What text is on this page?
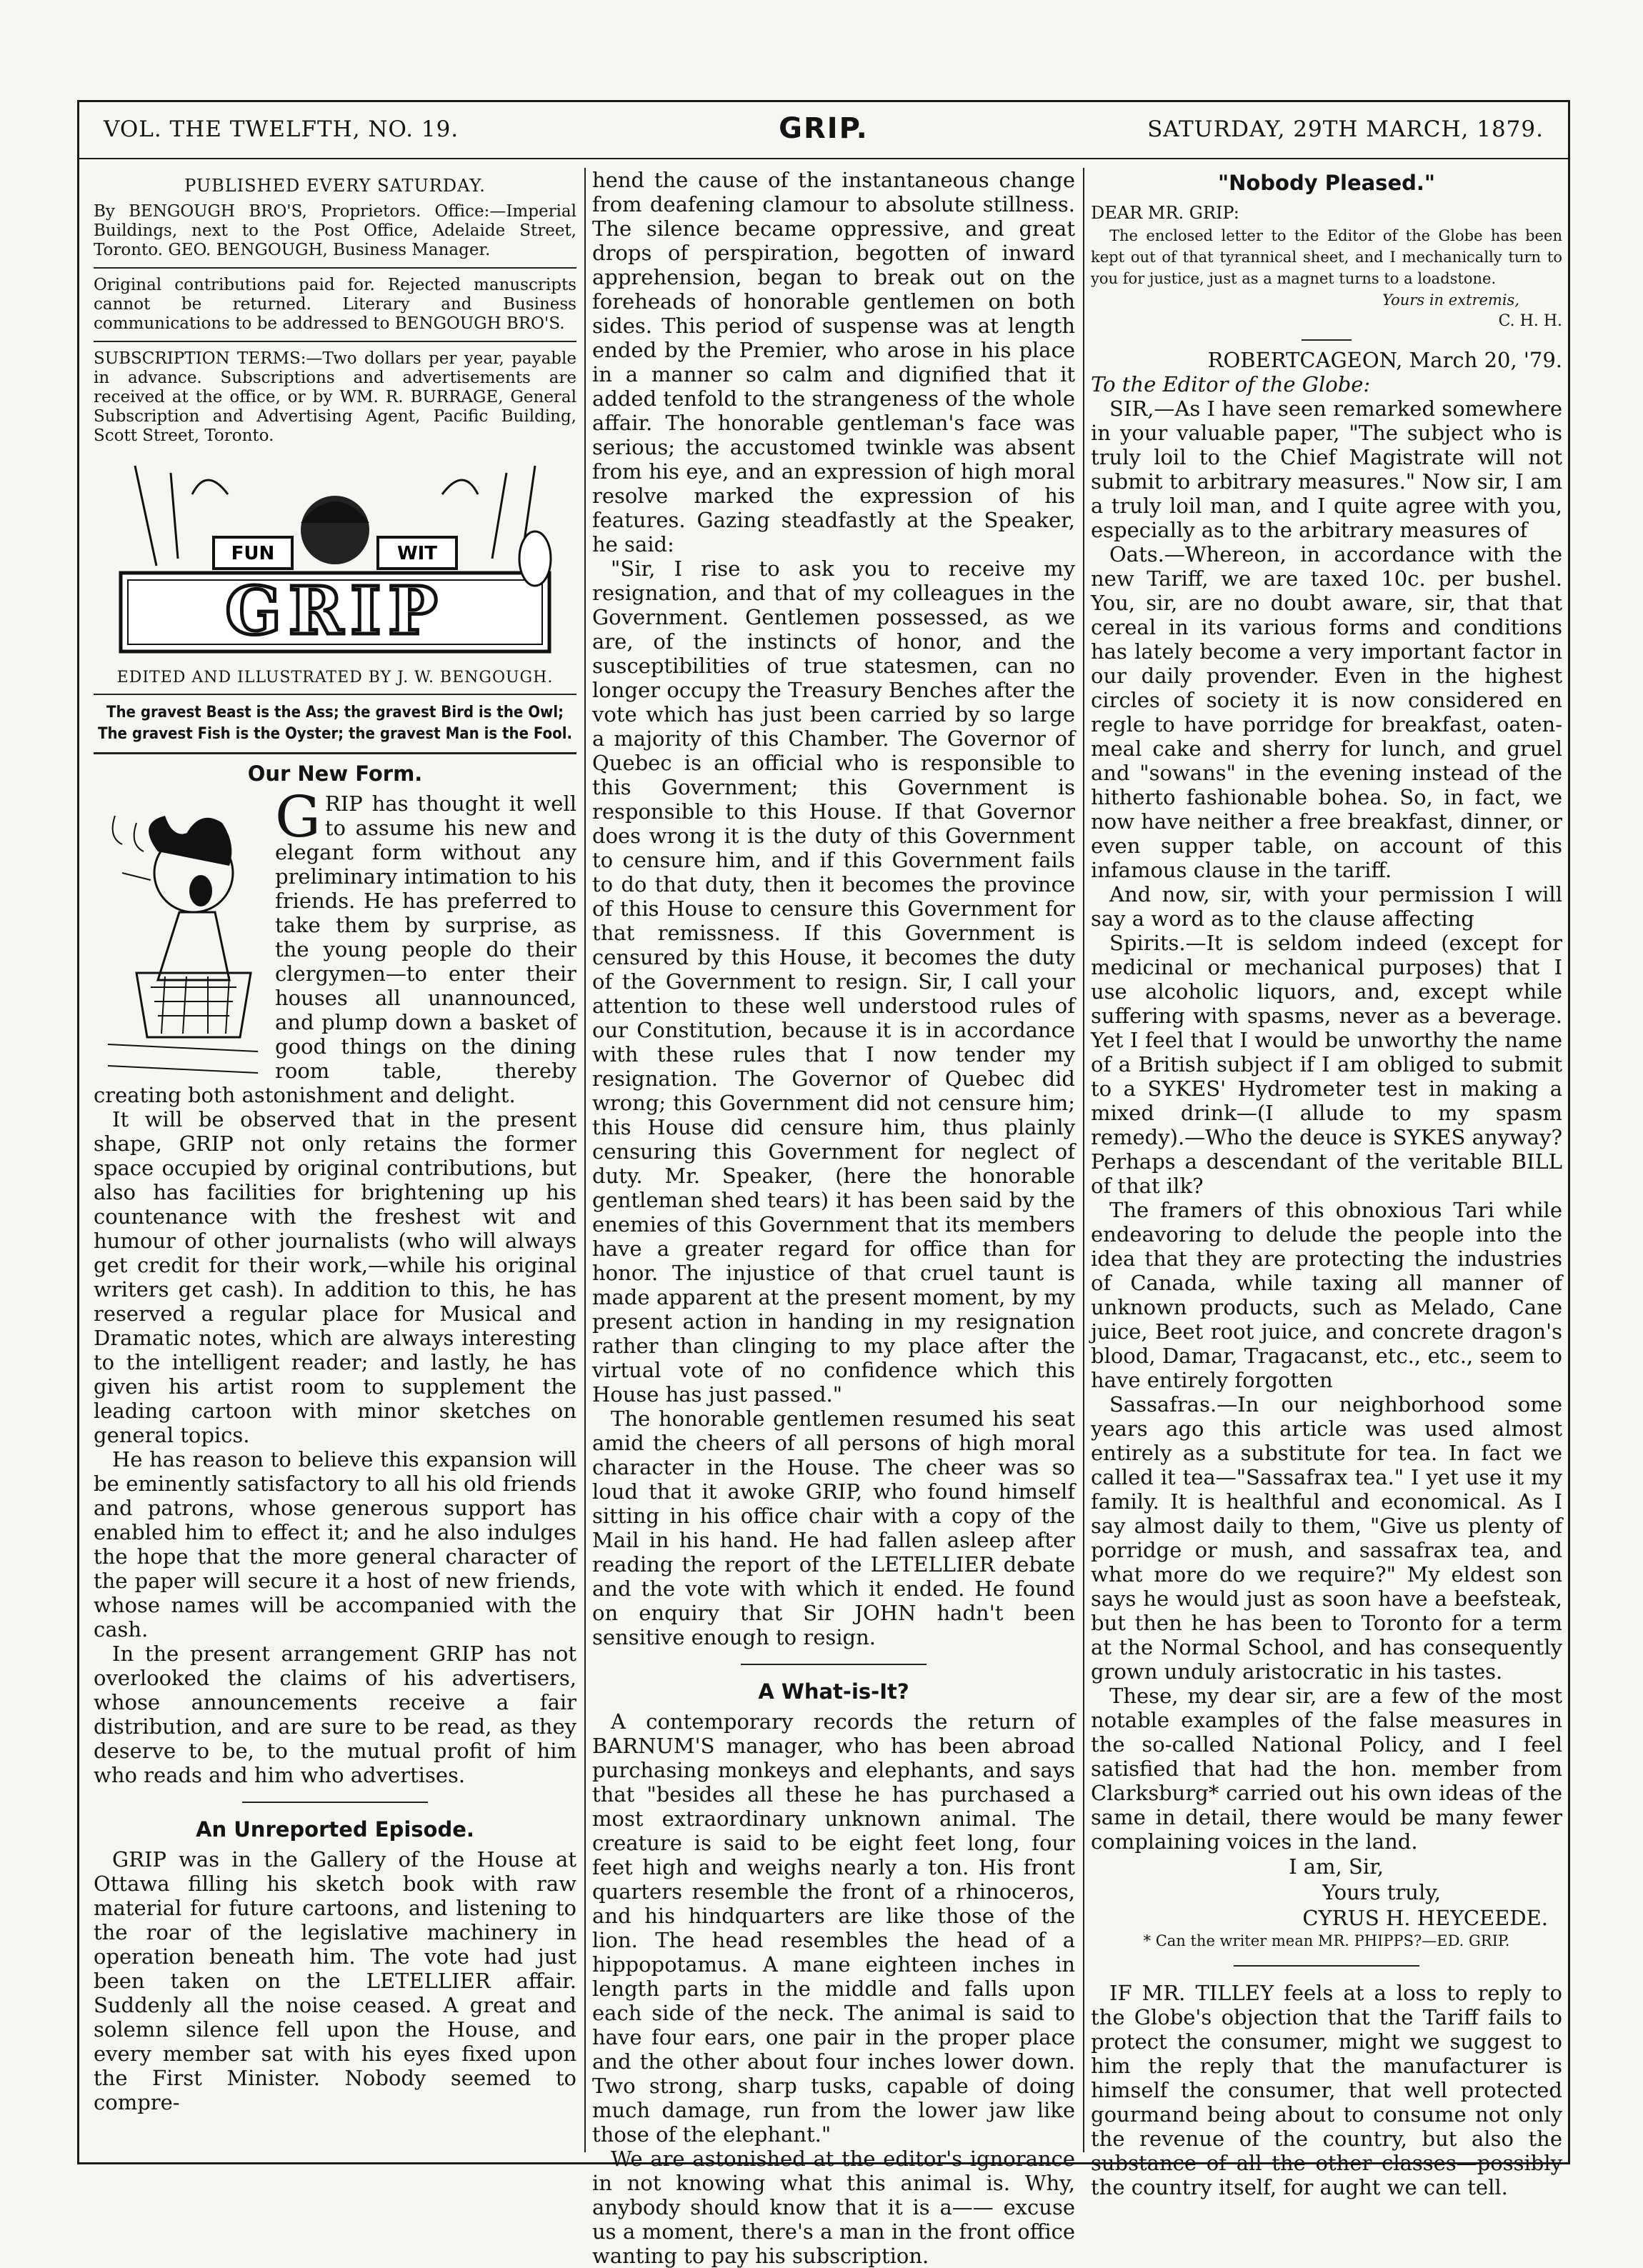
VOL. THE TWELFTH, NO. 19.	GRIP.	SATURDAY, 29TH MARCH, 1879.

PUBLISHED EVERY SATURDAY.

By BENGOUGH BRO'S, Proprietors. Office:—Imperial Buildings, next to the Post Office, Adelaide Street, Toronto. GEO. BENGOUGH, Business Manager.

Original contributions paid for. Rejected manuscripts cannot be returned. Literary and Business communications to be addressed to BENGOUGH BRO'S.

SUBSCRIPTION TERMS:—Two dollars per year, payable in advance. Subscriptions and advertisements are received at the office, or by WM. R. BURRAGE, General Subscription and Advertising Agent, Pacific Building, Scott Street, Toronto.

FUN	WIT
GRIP
EDITED AND ILLUSTRATED BY J. W. BENGOUGH.
The gravest Beast is the Ass; the gravest Bird is the Owl; The gravest Fish is the Oyster; the gravest Man is the Fool.
Our New Form.

GRIP has thought it well to assume his new and elegant form without any preliminary intimation to his friends. He has preferred to take them by surprise, as the young people do their clergymen—to enter their houses all unannounced, and plump down a basket of good things on the dining room table, thereby creating both astonishment and delight.

It will be observed that in the present shape, GRIP not only retains the former space occupied by original contributions, but also has facilities for brightening up his countenance with the freshest wit and humour of other journalists (who will always get credit for their work,—while his original writers get cash). In addition to this, he has reserved a regular place for Musical and Dramatic notes, which are always interesting to the intelligent reader; and lastly, he has given his artist room to supplement the leading cartoon with minor sketches on general topics.

He has reason to believe this expansion will be eminently satisfactory to all his old friends and patrons, whose generous support has enabled him to effect it; and he also indulges the hope that the more general character of the paper will secure it a host of new friends, whose names will be accompanied with the cash.

In the present arrangement GRIP has not overlooked the claims of his advertisers, whose announcements receive a fair distribution, and are sure to be read, as they deserve to be, to the mutual profit of him who reads and him who advertises.

An Unreported Episode.

GRIP was in the Gallery of the House at Ottawa filling his sketch book with raw material for future cartoons, and listening to the roar of the legislative machinery in operation beneath him. The vote had just been taken on the LETELLIER affair. Suddenly all the noise ceased. A great and solemn silence fell upon the House, and every member sat with his eyes fixed upon the First Minister. Nobody seemed to compre-

hend the cause of the instantaneous change from deafening clamour to absolute stillness. The silence became oppressive, and great drops of perspiration, begotten of inward apprehension, began to break out on the foreheads of honorable gentlemen on both sides. This period of suspense was at length ended by the Premier, who arose in his place in a manner so calm and dignified that it added tenfold to the strangeness of the whole affair. The honorable gentleman's face was serious; the accustomed twinkle was absent from his eye, and an expression of high moral resolve marked the expression of his features. Gazing steadfastly at the Speaker, he said:

"Sir, I rise to ask you to receive my resignation, and that of my colleagues in the Government. Gentlemen possessed, as we are, of the instincts of honor, and the susceptibilities of true statesmen, can no longer occupy the Treasury Benches after the vote which has just been carried by so large a majority of this Chamber. The Governor of Quebec is an official who is responsible to this Government; this Government is responsible to this House. If that Governor does wrong it is the duty of this Government to censure him, and if this Government fails to do that duty, then it becomes the province of this House to censure this Government for that remissness. If this Government is censured by this House, it becomes the duty of the Government to resign. Sir, I call your attention to these well understood rules of our Constitution, because it is in accordance with these rules that I now tender my resignation. The Governor of Quebec did wrong; this Government did not censure him; this House did censure him, thus plainly censuring this Government for neglect of duty. Mr. Speaker, (here the honorable gentleman shed tears) it has been said by the enemies of this Government that its members have a greater regard for office than for honor. The injustice of that cruel taunt is made apparent at the present moment, by my present action in handing in my resignation rather than clinging to my place after the virtual vote of no confidence which this House has just passed."

The honorable gentlemen resumed his seat amid the cheers of all persons of high moral character in the House. The cheer was so loud that it awoke GRIP, who found himself sitting in his office chair with a copy of the Mail in his hand. He had fallen asleep after reading the report of the LETELLIER debate and the vote with which it ended. He found on enquiry that Sir JOHN hadn't been sensitive enough to resign.

A What-is-It?

A contemporary records the return of BARNUM'S manager, who has been abroad purchasing monkeys and elephants, and says that "besides all these he has purchased a most extraordinary unknown animal. The creature is said to be eight feet long, four feet high and weighs nearly a ton. His front quarters resemble the front of a rhinoceros, and his hindquarters are like those of the lion. The head resembles the head of a hippopotamus. A mane eighteen inches in length parts in the middle and falls upon each side of the neck. The animal is said to have four ears, one pair in the proper place and the other about four inches lower down. Two strong, sharp tusks, capable of doing much damage, run from the lower jaw like those of the elephant."

We are astonished at the editor's ignorance in not knowing what this animal is. Why, anybody should know that it is a—— excuse us a moment, there's a man in the front office wanting to pay his subscription.

"Nobody Pleased."

DEAR MR. GRIP:

The enclosed letter to the Editor of the Globe has been kept out of that tyrannical sheet, and I mechanically turn to you for justice, just as a magnet turns to a loadstone.

Yours in extremis,

C. H. H.

ROBERTCAGEON, March 20, '79.

To the Editor of the Globe:

SIR,—As I have seen remarked somewhere in your valuable paper, "The subject who is truly loil to the Chief Magistrate will not submit to arbitrary measures." Now sir, I am a truly loil man, and I quite agree with you, especially as to the arbitrary measures of

Oats.—Whereon, in accordance with the new Tariff, we are taxed 10c. per bushel. You, sir, are no doubt aware, sir, that that cereal in its various forms and conditions has lately become a very important factor in our daily provender. Even in the highest circles of society it is now considered en regle to have porridge for breakfast, oaten-meal cake and sherry for lunch, and gruel and "sowans" in the evening instead of the hitherto fashionable bohea. So, in fact, we now have neither a free breakfast, dinner, or even supper table, on account of this infamous clause in the tariff.

And now, sir, with your permission I will say a word as to the clause affecting

Spirits.—It is seldom indeed (except for medicinal or mechanical purposes) that I use alcoholic liquors, and, except while suffering with spasms, never as a beverage. Yet I feel that I would be unworthy the name of a British subject if I am obliged to submit to a SYKES' Hydrometer test in making a mixed drink—(I allude to my spasm remedy).—Who the deuce is SYKES anyway? Perhaps a descendant of the veritable BILL of that ilk?

The framers of this obnoxious Tari while endeavoring to delude the people into the idea that they are protecting the industries of Canada, while taxing all manner of unknown products, such as Melado, Cane juice, Beet root juice, and concrete dragon's blood, Damar, Tragacanst, etc., etc., seem to have entirely forgotten

Sassafras.—In our neighborhood some years ago this article was used almost entirely as a substitute for tea. In fact we called it tea—"Sassafrax tea." I yet use it my family. It is healthful and economical. As I say almost daily to them, "Give us plenty of porridge or mush, and sassafrax tea, and what more do we require?" My eldest son says he would just as soon have a beefsteak, but then he has been to Toronto for a term at the Normal School, and has consequently grown unduly aristocratic in his tastes.

These, my dear sir, are a few of the most notable examples of the false measures in the so-called National Policy, and I feel satisfied that had the hon. member from Clarksburg* carried out his own ideas of the same in detail, there would be many fewer complaining voices in the land.

I am, Sir,

Yours truly,

CYRUS H. HEYCEEDE.

* Can the writer mean MR. PHIPPS?—ED. GRIP.

IF MR. TILLEY feels at a loss to reply to the Globe's objection that the Tariff fails to protect the consumer, might we suggest to him the reply that the manufacturer is himself the consumer, that well protected gourmand being about to consume not only the revenue of the country, but also the substance of all the other classes—possibly the country itself, for aught we can tell.
